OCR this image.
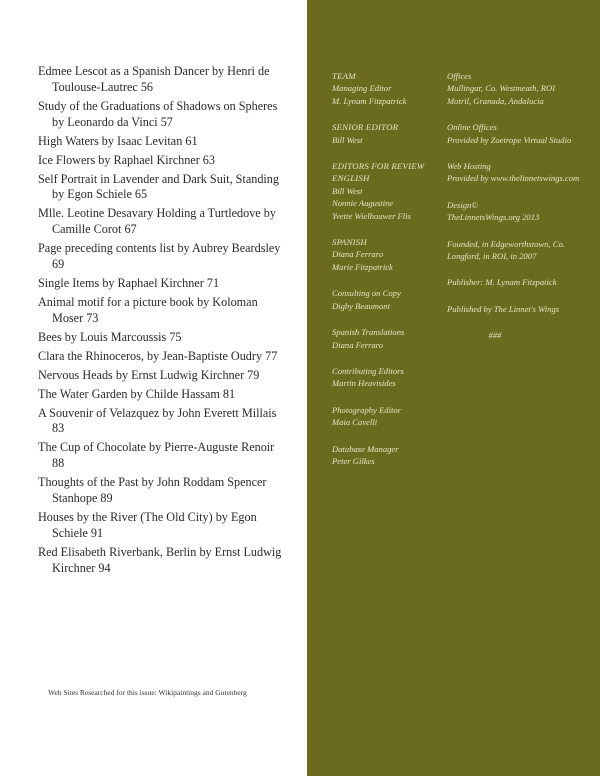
Edmee Lescot as a Spanish Dancer by Henri de
Toulouse-Lautrec 56
Study of the Graduations of Shadows on Spheres
by Leonardo da Vinci 57
High Waters by Isaac Levitan 61
Ice Flowers by Raphael Kirchner 63
Self Portrait in Lavender and Dark Suit, Standing
by Egon Schiele 65
Mlle. Leotine Desavary Holding a Turtledove by
Camille Corot 67
Page preceding contents list by Aubrey Beardsley
69
Single Items by Raphael Kirchner 71
Animal motif for a picture book by Koloman
Moser 73
Bees by Louis Marcoussis 75
Clara the Rhinoceros, by Jean-Baptiste Oudry 77
Nervous Heads by Ernst Ludwig Kirchner 79
The Water Garden by Childe Hassam 81
A Souvenir of Velazquez by John Everett Millais
83
The Cup of Chocolate by Pierre-Auguste Renoir
88
Thoughts of the Past by John Roddam Spencer
Stanhope 89
Houses by the River (The Old City) by Egon
Schiele 91
Red Elisabeth Riverbank, Berlin by Ernst Ludwig
Kirchner 94
Web Sites Researched for this issue: Wikipaintings and Gutenberg
TEAM
Managing Editor
M. Lynam Fitzpatrick
SENIOR EDITOR
Bill West
EDITORS FOR REVIEW ENGLISH
Bill West
Nonnie Augustine
Yvette Wielhouwer Flis
SPANISH
Diana Ferraro
Marie Fitzpatrick
Consulting on Copy
Digby Beaumont
Spanish Translations
Diana Ferraro
Contributing Editors
Martin Heavisides
Photography Editor
Maia Cavelli
Database Manager
Peter Gilkes
Offices
Mullingar, Co. Westmeath, ROI
Motril, Granada, Andalucia
Online Offices
Provided by Zoetrope Virtual Studio
Web Hosting
Provided by www.thelinnetswings.com
Design©
TheLinnetsWings.org 2013
Founded, in Edgeworthstown, Co. Longford, in ROI, in 2007
Publisher: M. Lynam Fitzpatick
Published by The Linnet's Wings
###
